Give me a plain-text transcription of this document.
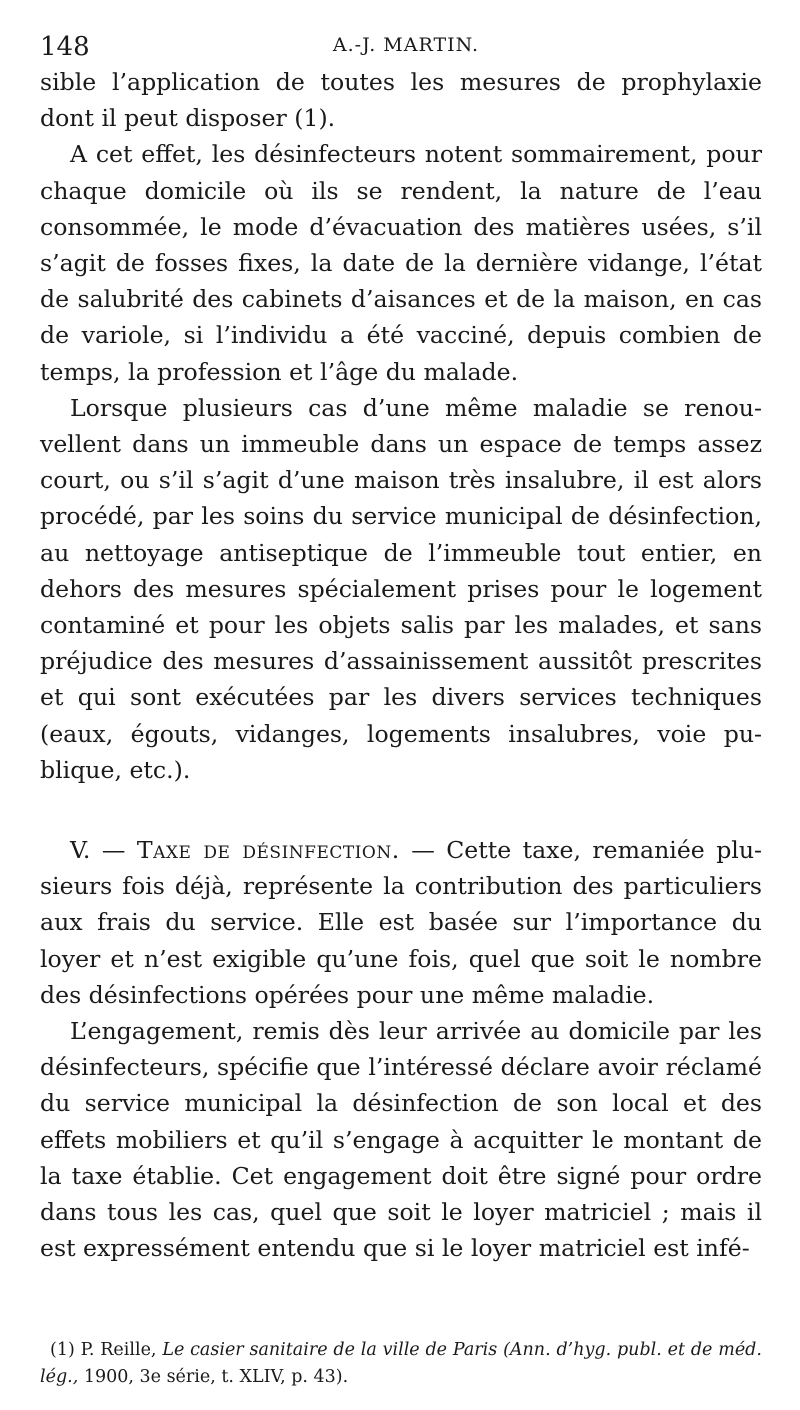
148	A.-J. MARTIN.

sible l’application de toutes les mesures de prophylaxie dont il peut disposer (1).

A cet effet, les désinfecteurs notent sommairement, pour chaque domicile où ils se rendent, la nature de l’eau consommée, le mode d’évacuation des matières usées, s’il s’agit de fosses fixes, la date de la dernière vidange, l’état de salubrité des cabinets d’aisances et de la maison, en cas de variole, si l’individu a été vacciné, depuis combien de temps, la profession et l’âge du malade.

Lorsque plusieurs cas d’une même maladie se renouvellent dans un immeuble dans un espace de temps assez court, ou s’il s’agit d’une maison très insalubre, il est alors procédé, par les soins du service municipal de désinfection, au nettoyage antiseptique de l’immeuble tout entier, en dehors des mesures spécialement prises pour le logement contaminé et pour les objets salis par les malades, et sans préjudice des mesures d’assainissement aussitôt prescrites et qui sont exécutées par les divers services techniques (eaux, égouts, vidanges, logements insalubres, voie publique, etc.).

V. — Taxe de désinfection. — Cette taxe, remaniée plusieurs fois déjà, représente la contribution des particuliers aux frais du service. Elle est basée sur l’importance du loyer et n’est exigible qu’une fois, quel que soit le nombre des désinfections opérées pour une même maladie.

L’engagement, remis dès leur arrivée au domicile par les désinfecteurs, spécifie que l’intéressé déclare avoir réclamé du service municipal la désinfection de son local et des effets mobiliers et qu’il s’engage à acquitter le montant de la taxe établie. Cet engagement doit être signé pour ordre dans tous les cas, quel que soit le loyer matriciel ; mais il est expressément entendu que si le loyer matriciel est infé-

(1) P. Reille, Le casier sanitaire de la ville de Paris (Ann. d’hyg. publ. et de méd. lég., 1900, 3e série, t. XLIV, p. 43).
